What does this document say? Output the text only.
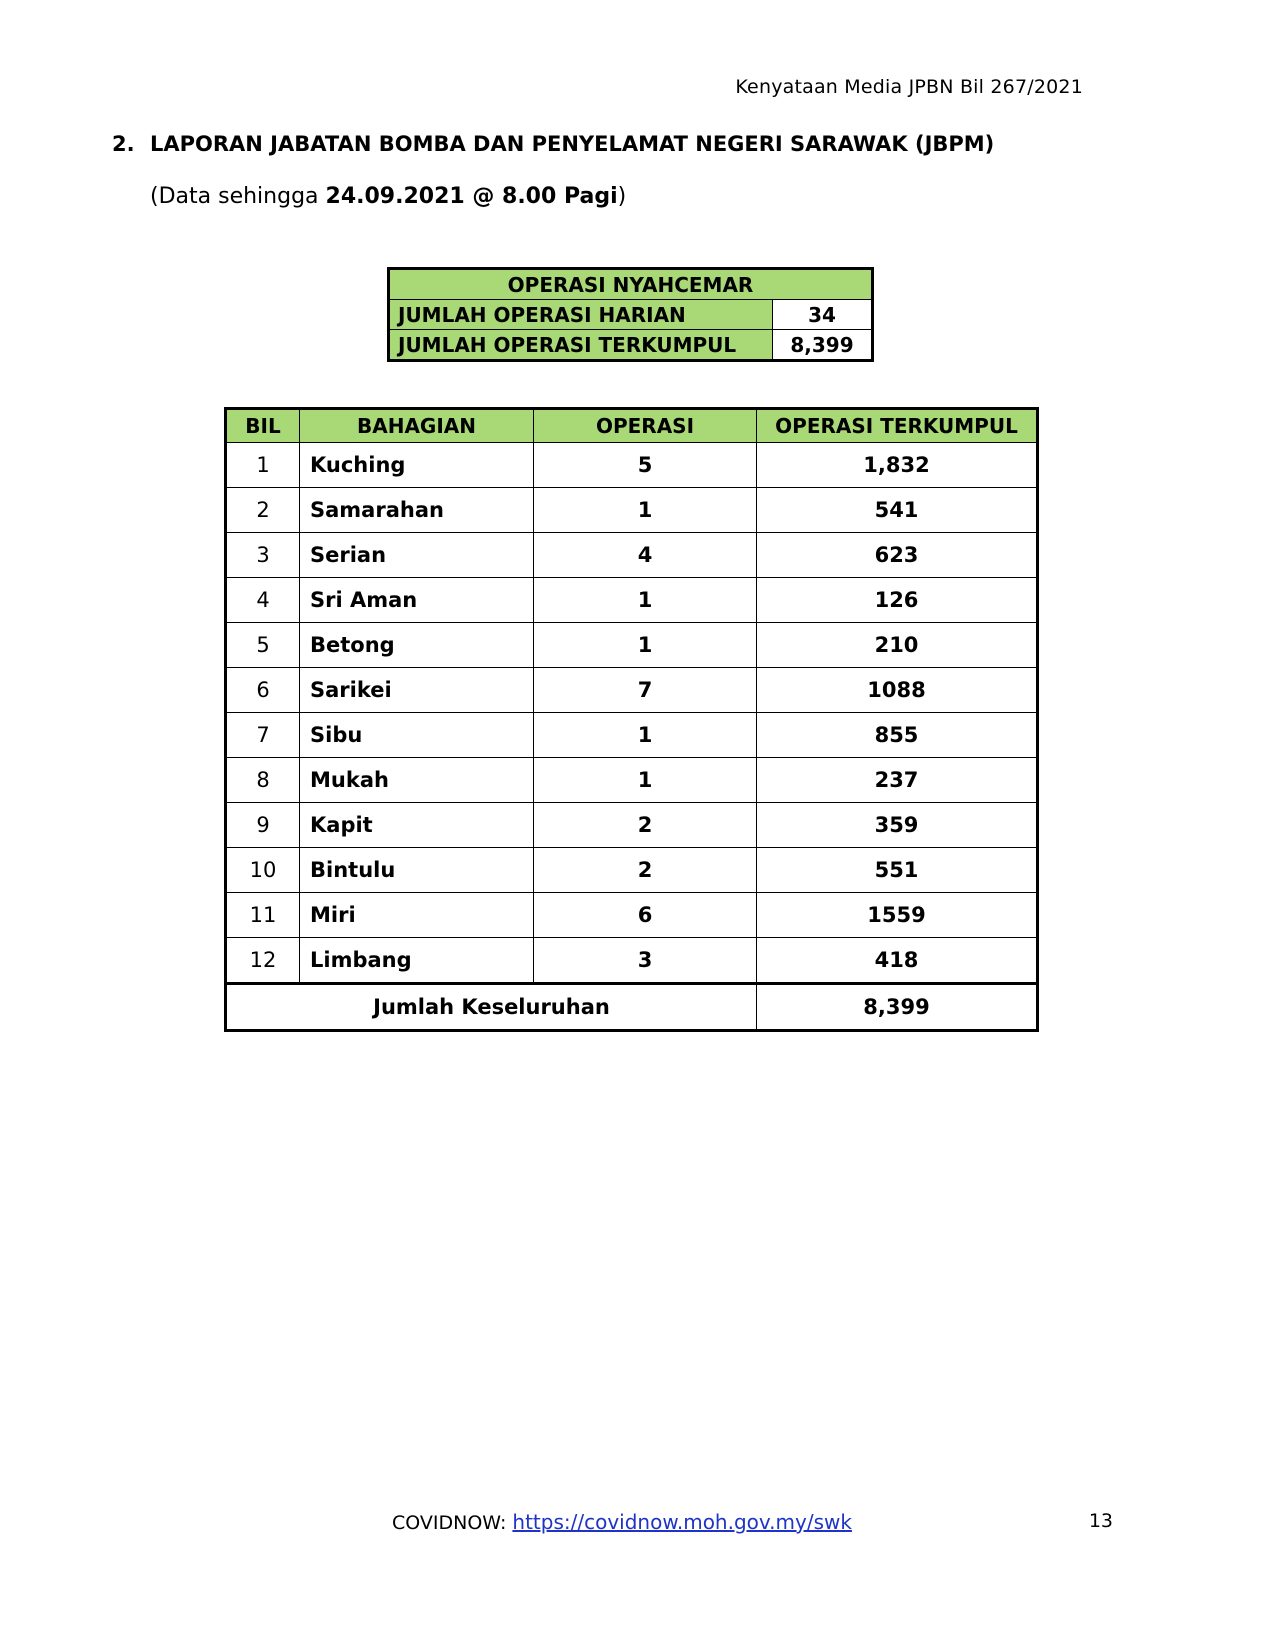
Kenyataan Media JPBN Bil 267/2021
2. LAPORAN JABATAN BOMBA DAN PENYELAMAT NEGERI SARAWAK (JBPM)
(Data sehingga 24.09.2021 @ 8.00 Pagi)
OPERASI NYAHCEMAR	
JUMLAH OPERASI HARIAN	34
JUMLAH OPERASI TERKUMPUL	8,399
BIL	BAHAGIAN	OPERASI	OPERASI TERKUMPUL
1	Kuching	5	1,832
2	Samarahan	1	541
3	Serian	4	623
4	Sri Aman	1	126
5	Betong	1	210
6	Sarikei	7	1088
7	Sibu	1	855
8	Mukah	1	237
9	Kapit	2	359
10	Bintulu	2	551
11	Miri	6	1559
12	Limbang	3	418
Jumlah Keseluruhan			8,399
COVIDNOW: https://covidnow.moh.gov.my/swk	13
